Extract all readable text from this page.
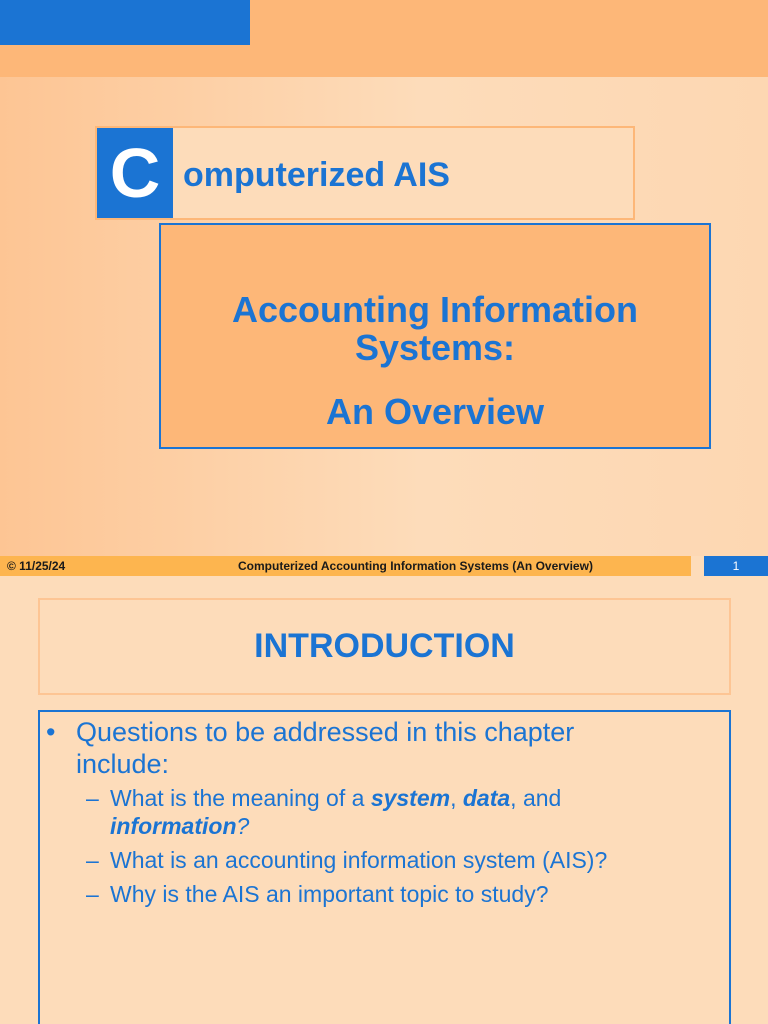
C omputerized AIS
Accounting Information
Systems:
An Overview
© 11/25/24	Computerized Accounting Information Systems (An Overview)	1
INTRODUCTION
• Questions to be addressed in this chapter
include:
– What is the meaning of a system, data, and
information?
– What is an accounting information system (AIS)?
– Why is the AIS an important topic to study?
